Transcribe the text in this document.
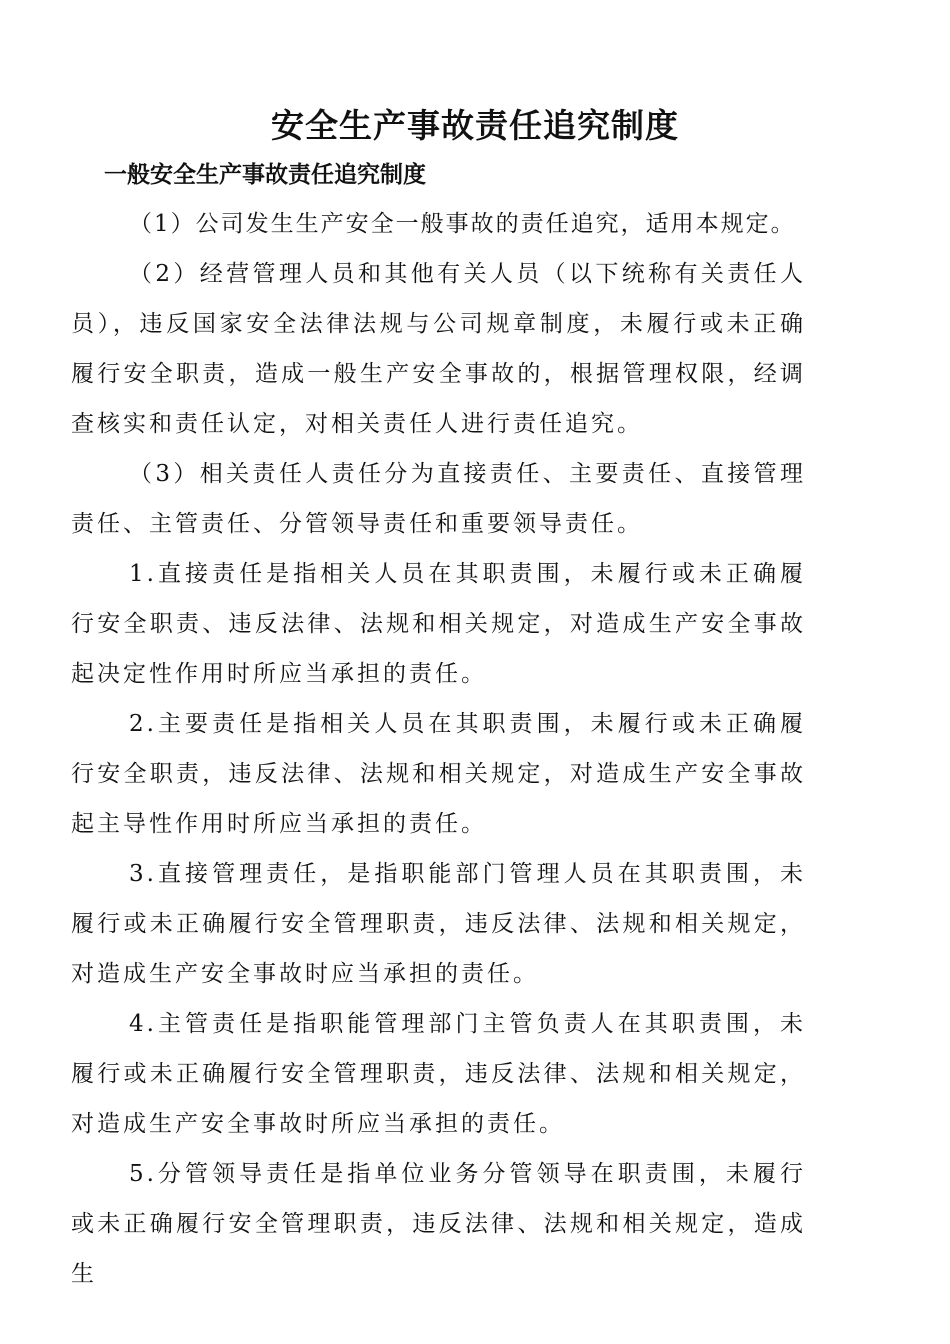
安全生产事故责任追究制度
一般安全生产事故责任追究制度

（1）公司发生生产安全一般事故的责任追究，适用本规定。

（2）经营管理人员和其他有关人员（以下统称有关责任人员），违反国家安全法律法规与公司规章制度，未履行或未正确履行安全职责，造成一般生产安全事故的，根据管理权限，经调查核实和责任认定，对相关责任人进行责任追究。

（3）相关责任人责任分为直接责任、主要责任、直接管理责任、主管责任、分管领导责任和重要领导责任。

1.直接责任是指相关人员在其职责围，未履行或未正确履行安全职责、违反法律、法规和相关规定，对造成生产安全事故起决定性作用时所应当承担的责任。

2.主要责任是指相关人员在其职责围，未履行或未正确履行安全职责，违反法律、法规和相关规定，对造成生产安全事故起主导性作用时所应当承担的责任。

3.直接管理责任，是指职能部门管理人员在其职责围，未履行或未正确履行安全管理职责，违反法律、法规和相关规定，对造成生产安全事故时应当承担的责任。

4.主管责任是指职能管理部门主管负责人在其职责围，未履行或未正确履行安全管理职责，违反法律、法规和相关规定，对造成生产安全事故时所应当承担的责任。

5.分管领导责任是指单位业务分管领导在职责围，未履行或未正确履行安全管理职责，违反法律、法规和相关规定，造成生
